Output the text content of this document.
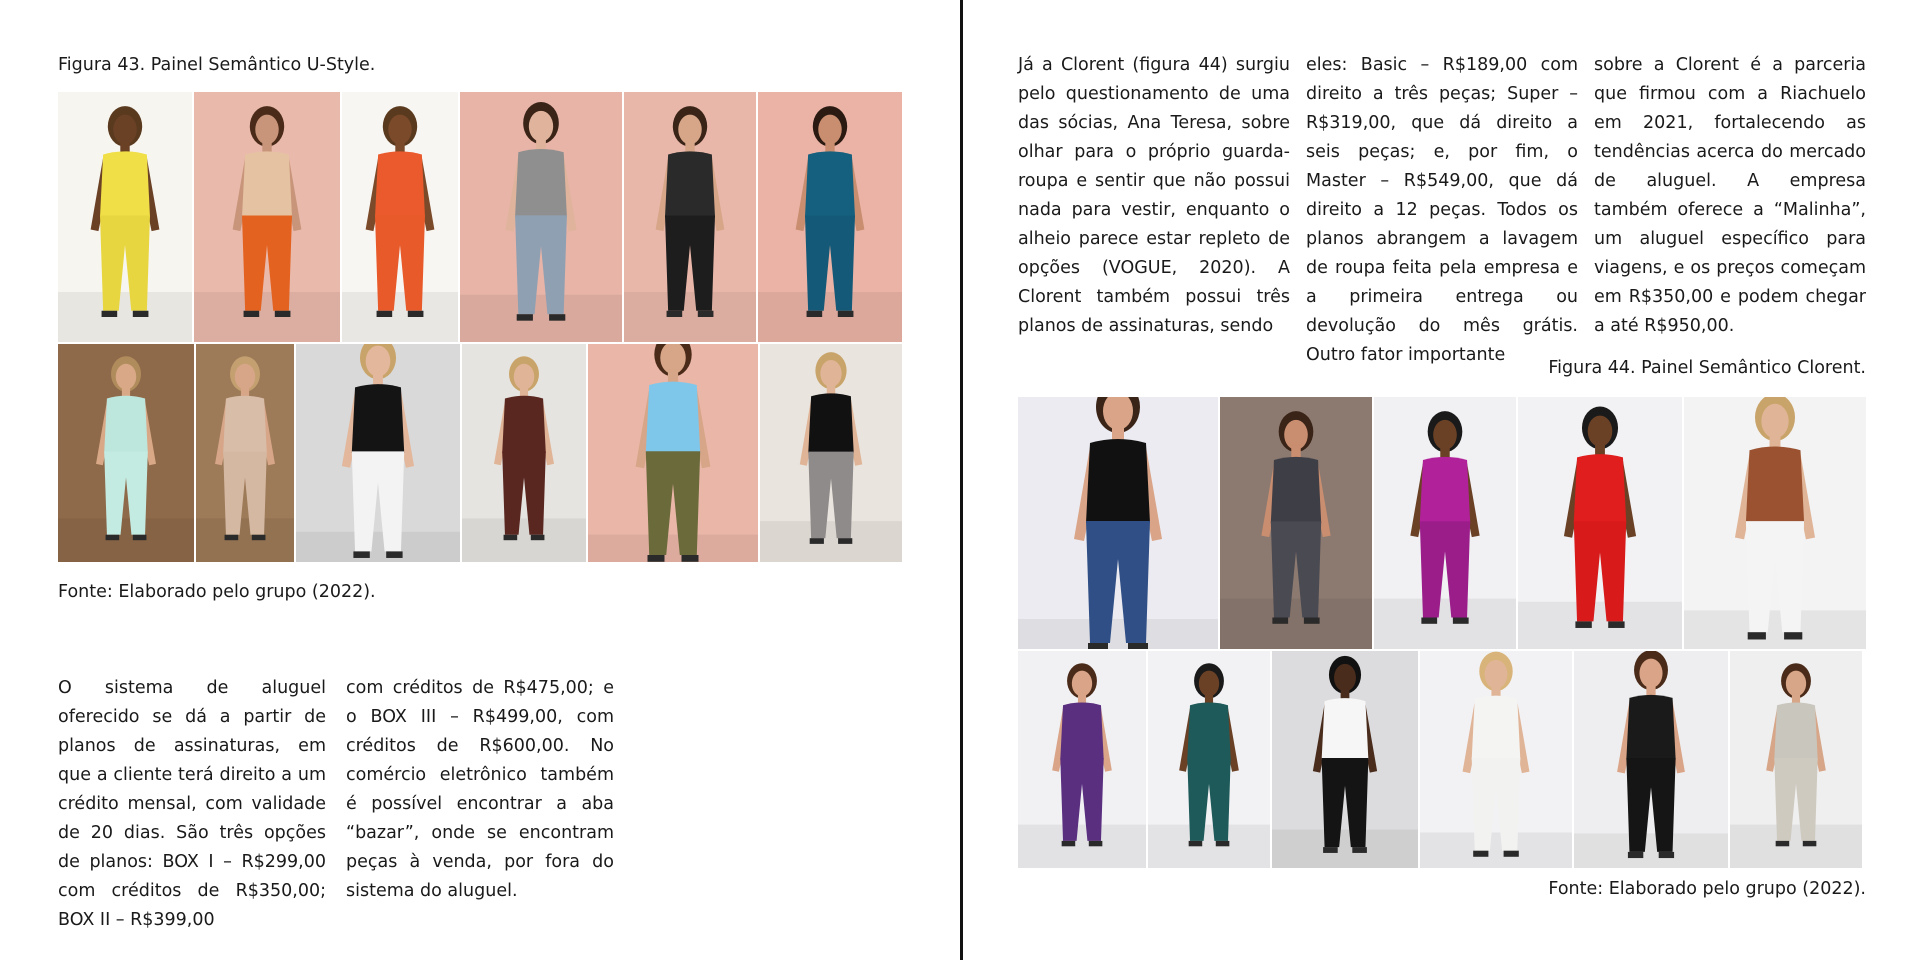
Figura 43. Painel Semântico U-Style.

Fonte: Elaborado pelo grupo (2022).

O sistema de aluguel oferecido se dá a partir de planos de assinaturas, em que a cliente terá direito a um crédito mensal, com validade de 20 dias. São três opções de planos: BOX I – R$299,00 com créditos de R$350,00; BOX II – R$399,00

com créditos de R$475,00; e o BOX III – R$499,00, com créditos de R$600,00. No comércio eletrônico também é possível encontrar a aba “bazar”, onde se encontram peças à venda, por fora do sistema do aluguel.

Já a Clorent (figura 44) surgiu pelo questionamento de uma das sócias, Ana Teresa, sobre olhar para o próprio guarda-roupa e sentir que não possui nada para vestir, enquanto o alheio parece estar repleto de opções (VOGUE, 2020). A Clorent também possui três planos de assinaturas, sendo

eles: Basic – R$189,00 com direito a três peças; Super – R$319,00, que dá direito a seis peças; e, por fim, o Master – R$549,00, que dá direito a 12 peças. Todos os planos abrangem a lavagem de roupa feita pela empresa e a primeira entrega ou devolução do mês grátis. Outro fator importante

sobre a Clorent é a parceria que firmou com a Riachuelo em 2021, fortalecendo as tendências acerca do mercado de aluguel. A empresa também oferece a “Malinha”, um aluguel específico para viagens, e os preços começam em R$350,00 e podem chegar a até R$950,00.

Figura 44. Painel Semântico Clorent.

Fonte: Elaborado pelo grupo (2022).
